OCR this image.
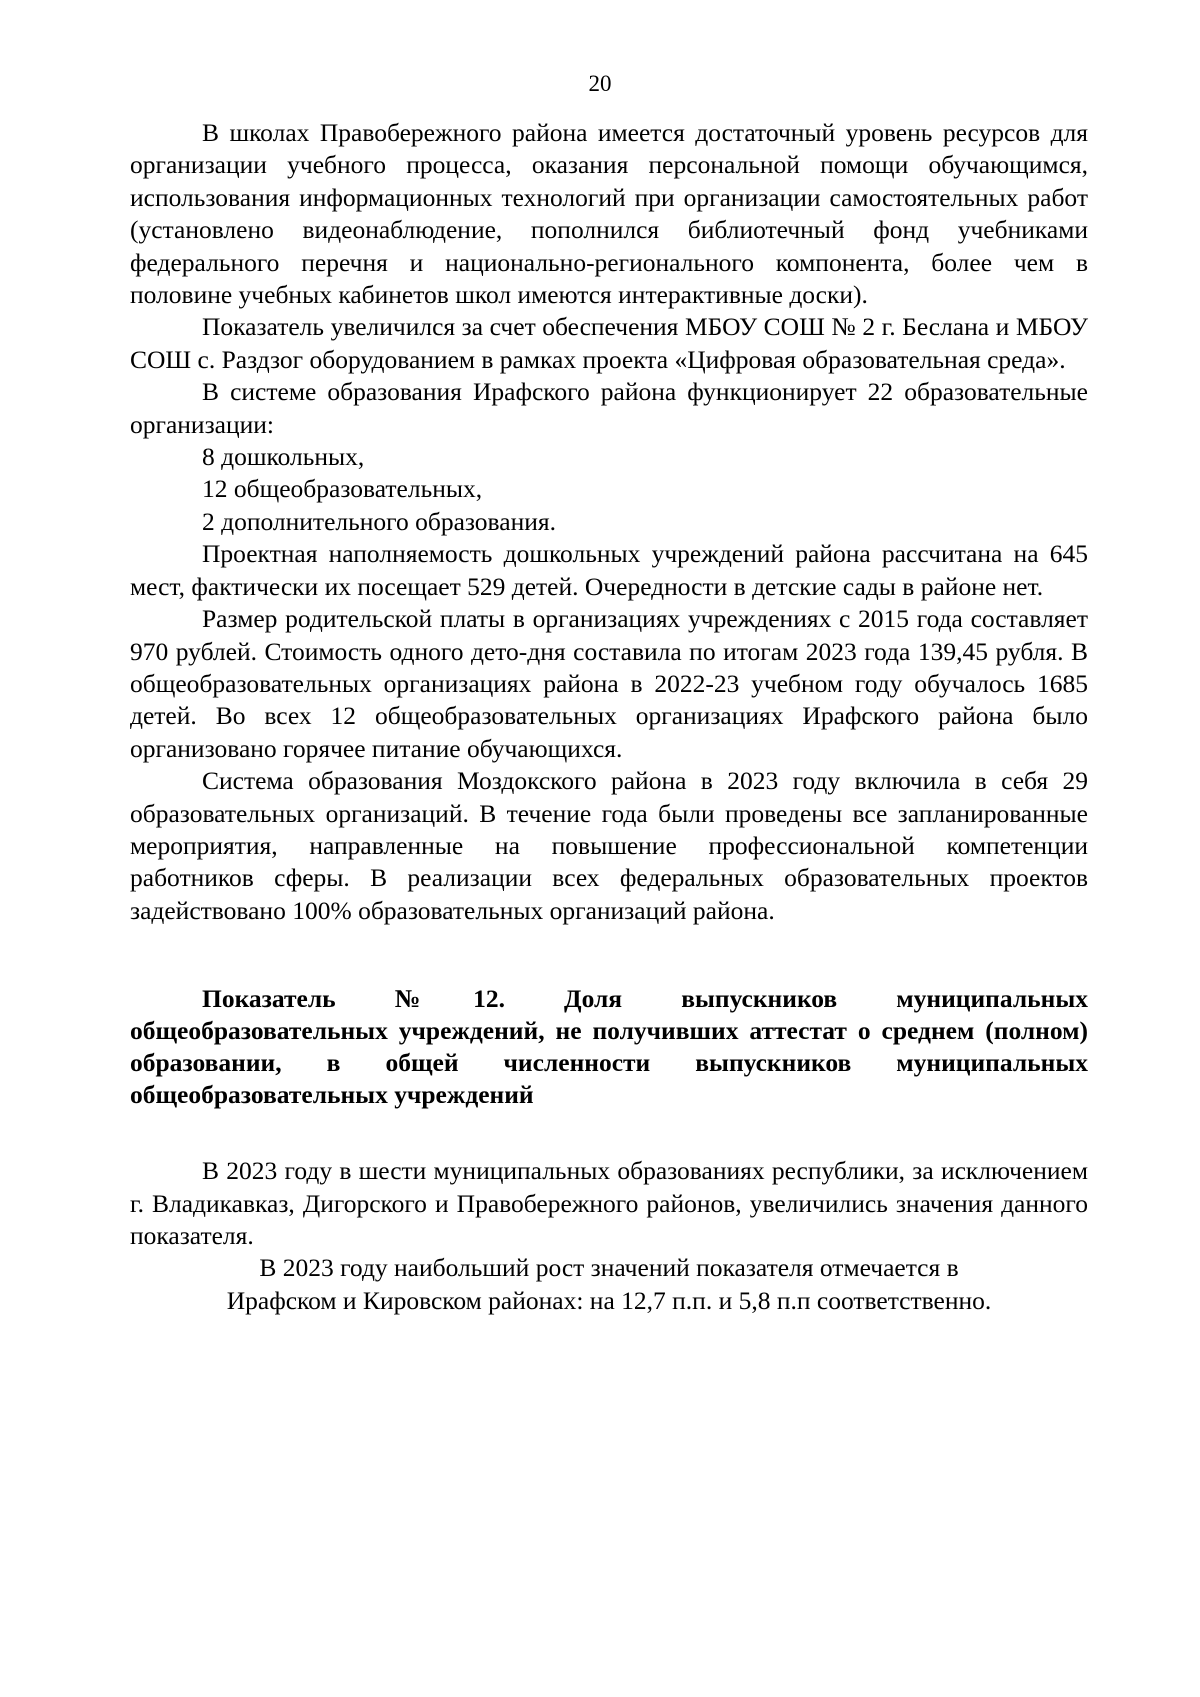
20

В школах Правобережного района имеется достаточный уровень ресурсов для организации учебного процесса, оказания персональной помощи обучающимся, использования информационных технологий при организации самостоятельных работ (установлено видеонаблюдение, пополнился библиотечный фонд учебниками федерального перечня и национально-регионального компонента, более чем в половине учебных кабинетов школ имеются интерактивные доски).

Показатель увеличился за счет обеспечения МБОУ СОШ № 2 г. Беслана и МБОУ СОШ с. Раздзог оборудованием в рамках проекта «Цифровая образовательная среда».

В системе образования Ирафского района функционирует 22 образовательные организации:

8 дошкольных,

12 общеобразовательных,

2 дополнительного образования.

Проектная наполняемость дошкольных учреждений района рассчитана на 645 мест, фактически их посещает 529 детей. Очередности в детские сады в районе нет.

Размер родительской платы в организациях учреждениях с 2015 года составляет 970 рублей. Стоимость одного дето-дня составила по итогам 2023 года 139,45 рубля. В общеобразовательных организациях района в 2022-23 учебном году обучалось 1685 детей. Во всех 12 общеобразовательных организациях Ирафского района было организовано горячее питание обучающихся.

Система образования Моздокского района в 2023 году включила в себя 29 образовательных организаций. В течение года были проведены все запланированные мероприятия, направленные на повышение профессиональной компетенции работников сферы. В реализации всех федеральных образовательных проектов задействовано 100% образовательных организаций района.

Показатель №12. Доля выпускников муниципальных общеобразовательных учреждений, не получивших аттестат о среднем (полном) образовании, в общей численности выпускников муниципальных общеобразовательных учреждений

В 2023 году в шести муниципальных образованиях республики, за исключением г. Владикавказ, Дигорского и Правобережного районов, увеличились значения данного показателя.

В 2023 году наибольший рост значений показателя отмечается в

Ирафском и Кировском районах: на 12,7 п.п. и 5,8 п.п соответственно.
